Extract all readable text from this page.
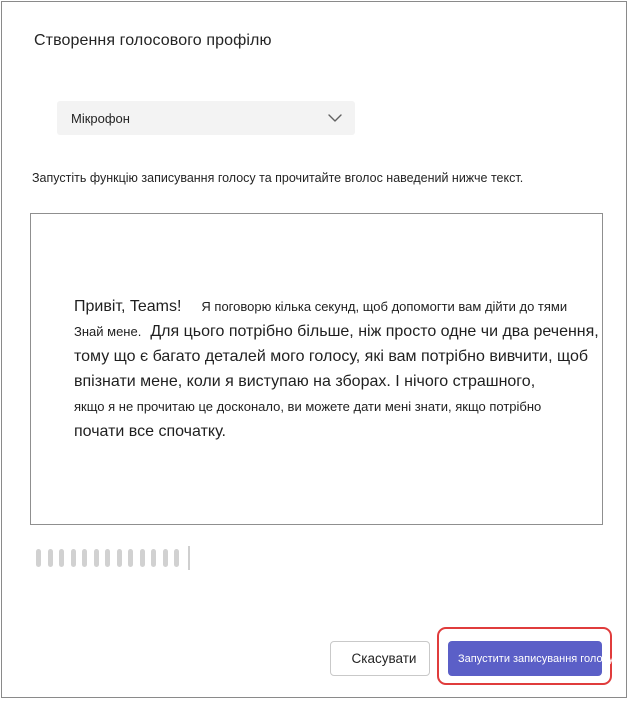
Створення голосового профілю
Мікрофон
Запустіть функцію записування голосу та прочитайте вголос наведений нижче текст.
Привіт, Teams! Я поговорю кілька секунд, щоб допомогти вам дійти до тями
Знай мене. Для цього потрібно більше, ніж просто одне чи два речення,
тому що є багато деталей мого голосу, які вам потрібно вивчити, щоб
впізнати мене, коли я виступаю на зборах. І нічого страшного,
якщо я не прочитаю це досконало, ви можете дати мені знати, якщо потрібно
почати все спочатку.
Скасувати	Запустити записування голосу
